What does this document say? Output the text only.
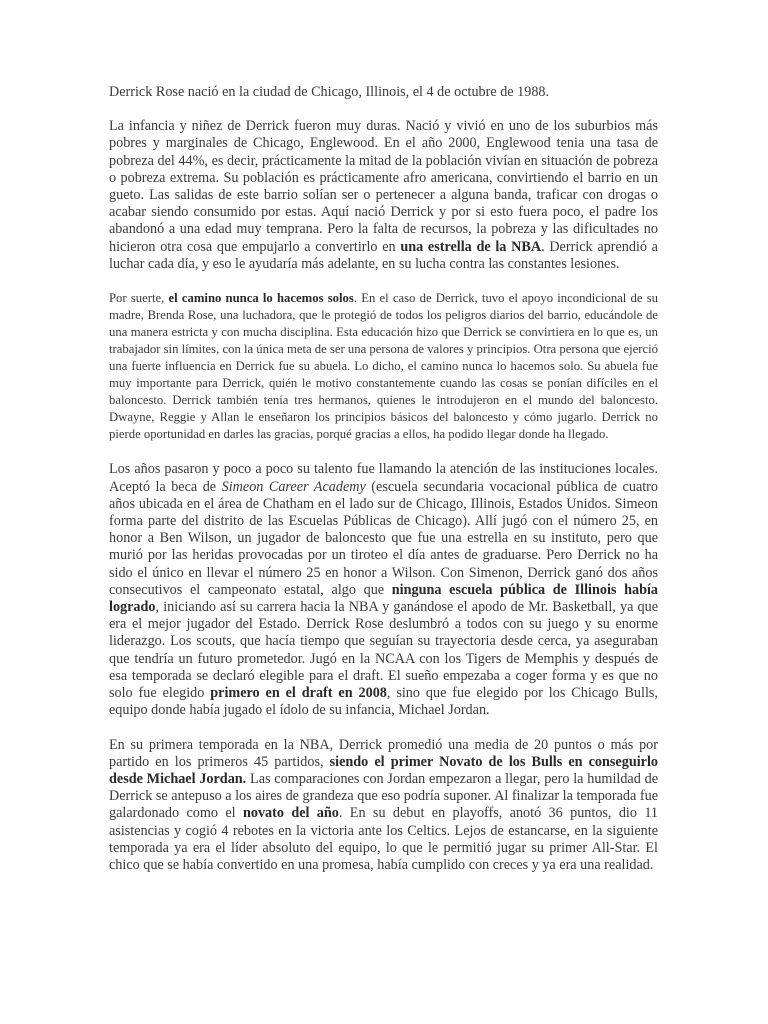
Derrick Rose nació en la ciudad de Chicago, Illinois, el 4 de octubre de 1988.

La infancia y niñez de Derrick fueron muy duras. Nació y vivió en uno de los suburbios más pobres y marginales de Chicago, Englewood. En el año 2000, Englewood tenia una tasa de pobreza del 44%, es decir, prácticamente la mitad de la población vivían en situación de pobreza o pobreza extrema. Su población es prácticamente afro americana, convirtiendo el barrio en un gueto. Las salidas de este barrio solían ser o pertenecer a alguna banda, traficar con drogas o acabar siendo consumido por estas. Aquí nació Derrick y por si esto fuera poco, el padre los abandonó a una edad muy temprana. Pero la falta de recursos, la pobreza y las dificultades no hicieron otra cosa que empujarlo a convertirlo en una estrella de la NBA. Derrick aprendió a luchar cada día, y eso le ayudaría más adelante, en su lucha contra las constantes lesiones.

Por suerte, el camino nunca lo hacemos solos. En el caso de Derrick, tuvo el apoyo incondicional de su madre, Brenda Rose, una luchadora, que le protegió de todos los peligros diarios del barrio, educándole de una manera estricta y con mucha disciplina. Esta educación hizo que Derrick se convirtiera en lo que es, un trabajador sin límites, con la única meta de ser una persona de valores y principios. Otra persona que ejerció una fuerte influencia en Derrick fue su abuela. Lo dicho, el camino nunca lo hacemos solo. Su abuela fue muy importante para Derrick, quién le motivo constantemente cuando las cosas se ponían difíciles en el baloncesto. Derrick también tenía tres hermanos, quienes le introdujeron en el mundo del baloncesto. Dwayne, Reggie y Allan le enseñaron los principios básicos del baloncesto y cómo jugarlo. Derrick no pierde oportunidad en darles las gracias, porqué gracias a ellos, ha podido llegar donde ha llegado.

Los años pasaron y poco a poco su talento fue llamando la atención de las instituciones locales. Aceptó la beca de Simeon Career Academy (escuela secundaria vocacional pública de cuatro años ubicada en el área de Chatham en el lado sur de Chicago, Illinois, Estados Unidos. Simeon forma parte del distrito de las Escuelas Públicas de Chicago). Allí jugó con el número 25, en honor a Ben Wilson, un jugador de baloncesto que fue una estrella en su instituto, pero que murió por las heridas provocadas por un tiroteo el día antes de graduarse. Pero Derrick no ha sido el único en llevar el número 25 en honor a Wilson. Con Simenon, Derrick ganó dos años consecutivos el campeonato estatal, algo que ninguna escuela pública de Illinois había logrado, iniciando así su carrera hacia la NBA y ganándose el apodo de Mr. Basketball, ya que era el mejor jugador del Estado. Derrick Rose deslumbró a todos con su juego y su enorme liderazgo. Los scouts, que hacía tiempo que seguían su trayectoria desde cerca, ya aseguraban que tendría un futuro prometedor. Jugó en la NCAA con los Tigers de Memphis y después de esa temporada se declaró elegible para el draft. El sueño empezaba a coger forma y es que no solo fue elegido primero en el draft en 2008, sino que fue elegido por los Chicago Bulls, equipo donde había jugado el ídolo de su infancia, Michael Jordan.

En su primera temporada en la NBA, Derrick promedió una media de 20 puntos o más por partido en los primeros 45 partidos, siendo el primer Novato de los Bulls en conseguirlo desde Michael Jordan. Las comparaciones con Jordan empezaron a llegar, pero la humildad de Derrick se antepuso a los aires de grandeza que eso podría suponer. Al finalizar la temporada fue galardonado como el novato del año. En su debut en playoffs, anotó 36 puntos, dio 11 asistencias y cogió 4 rebotes en la victoria ante los Celtics. Lejos de estancarse, en la siguiente temporada ya era el líder absoluto del equipo, lo que le permitió jugar su primer All-Star. El chico que se había convertido en una promesa, había cumplido con creces y ya era una realidad.
